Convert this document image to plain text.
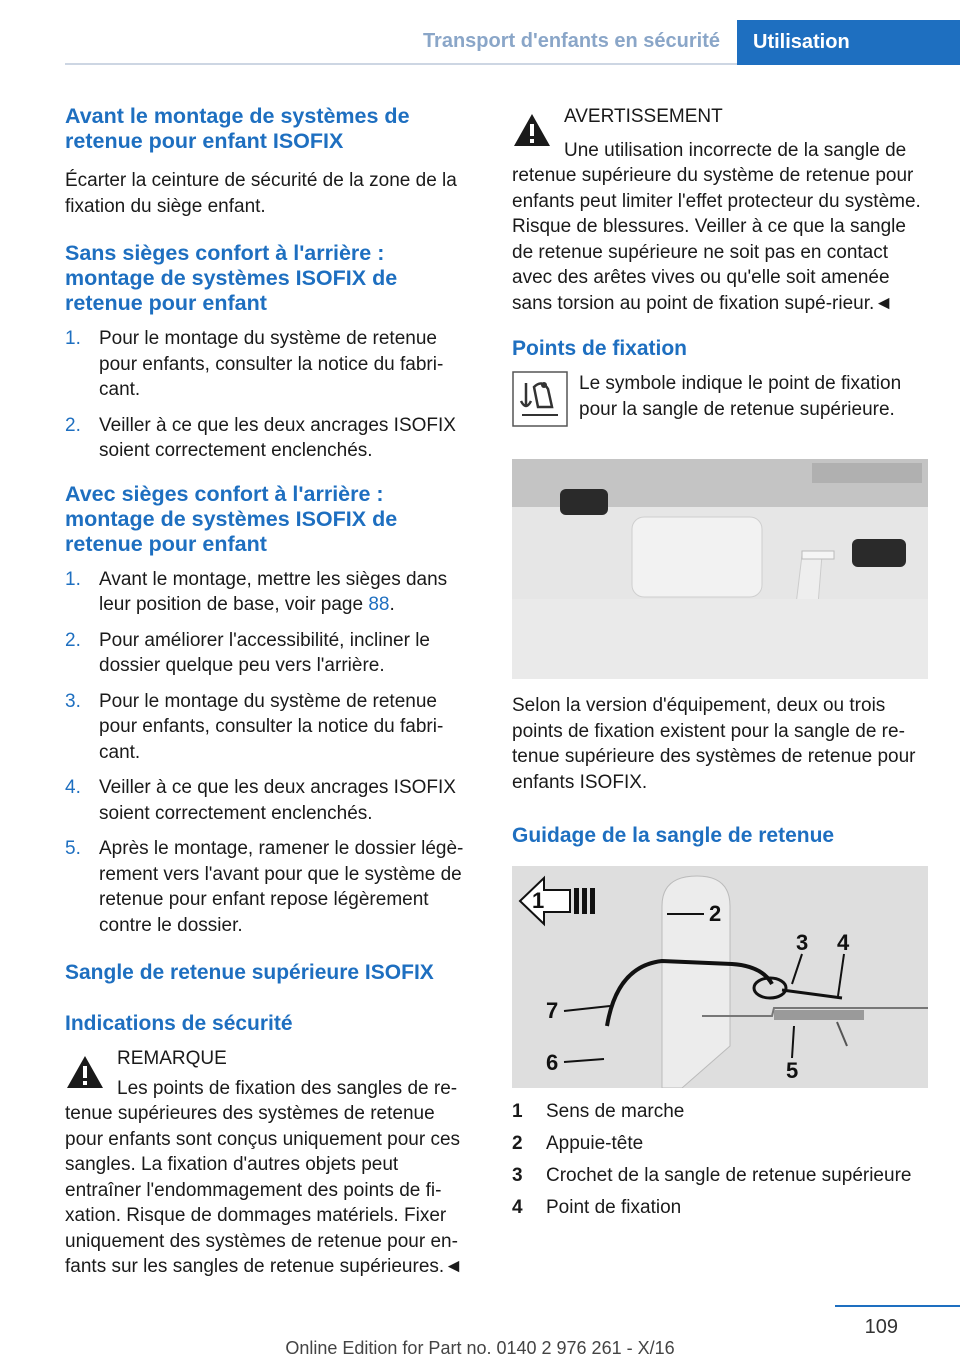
Transport d'enfants en sécurité	Utilisation
Avant le montage de systèmes de retenue pour enfant ISOFIX

Écarter la ceinture de sécurité de la zone de la fixation du siège enfant.

Sans sièges confort à l'arrière : montage de systèmes ISOFIX de retenue pour enfant
1. Pour le montage du système de retenue pour enfants, consulter la notice du fabri-cant.
2. Veiller à ce que les deux ancrages ISOFIX soient correctement enclenchés.
Avec sièges confort à l'arrière : montage de systèmes ISOFIX de retenue pour enfant
1. Avant le montage, mettre les sièges dans leur position de base, voir page 88.
2. Pour améliorer l'accessibilité, incliner le dossier quelque peu vers l'arrière.
3. Pour le montage du système de retenue pour enfants, consulter la notice du fabri-cant.
4. Veiller à ce que les deux ancrages ISOFIX soient correctement enclenchés.
5. Après le montage, ramener le dossier légè-rement vers l'avant pour que le système de retenue pour enfant repose légèrement contre le dossier.
Sangle de retenue supérieure ISOFIX
Indications de sécurité

REMARQUE

Les points de fixation des sangles de re-

tenue supérieures des systèmes de retenue pour enfants sont conçus uniquement pour ces sangles. La fixation d'autres objets peut entraîner l'endommagement des points de fi-xation. Risque de dommages matériels. Fixer uniquement des systèmes de retenue pour en-fants sur les sangles de retenue supérieures.◄

AVERTISSEMENT

Une utilisation incorrecte de la sangle de

retenue supérieure du système de retenue pour enfants peut limiter l'effet protecteur du système. Risque de blessures. Veiller à ce que la sangle de retenue supérieure ne soit pas en contact avec des arêtes vives ou qu'elle soit amenée sans torsion au point de fixation supé-rieur.◄

Points de fixation

Le symbole indique le point de fixation pour la sangle de retenue supérieure.

Selon la version d'équipement, deux ou trois points de fixation existent pour la sangle de re-tenue supérieure des systèmes de retenue pour enfants ISOFIX.

Guidage de la sangle de retenue
1
2
3 4
5
6
7
1	Sens de marche
2	Appuie-tête
3	Crochet de la sangle de retenue supérieure
4	Point de fixation
109
Online Edition for Part no. 0140 2 976 261 - X/16
